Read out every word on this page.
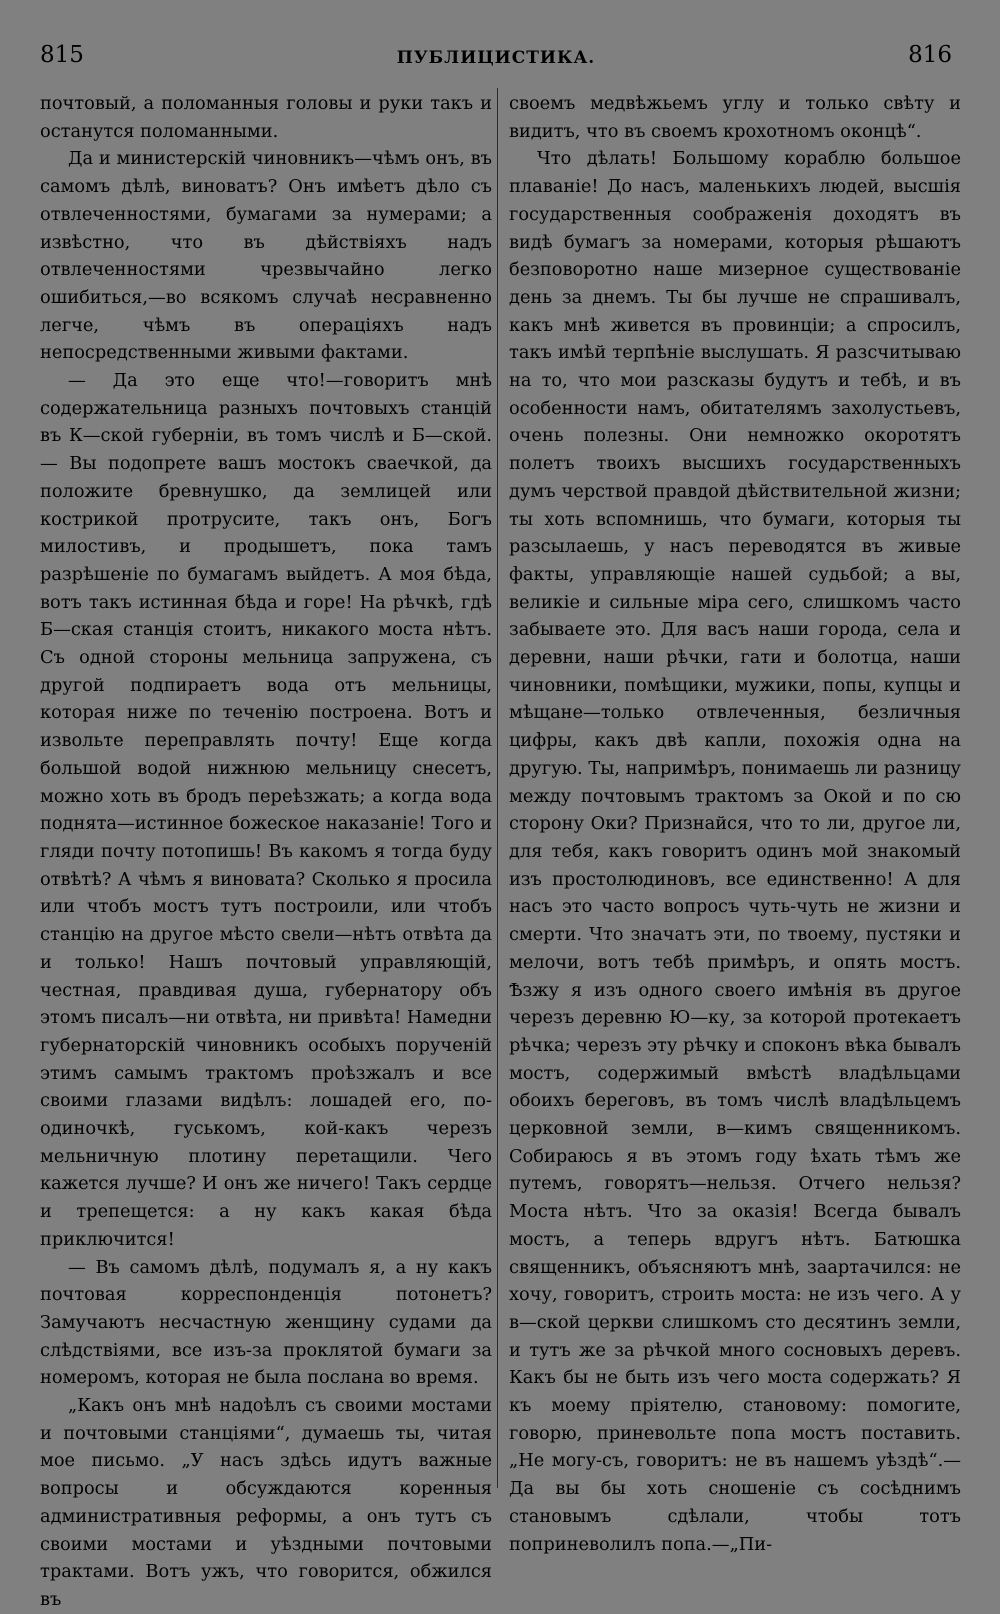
815	ПУБЛИЦИСТИКА.	816

почтовый, а поломанныя головы и руки такъ и останутся поломанными.

Да и министерскій чиновникъ—чѣмъ онъ, въ самомъ дѣлѣ, виноватъ? Онъ имѣетъ дѣло съ отвлеченностями, бумагами за нумерами; а извѣстно, что въ дѣйствіяхъ надъ отвлеченностями чрезвычайно легко ошибиться,—во всякомъ случаѣ несравненно легче, чѣмъ въ операціяхъ надъ непосредственными живыми фактами.

— Да это еще что!—говоритъ мнѣ содержательница разныхъ почтовыхъ станцій въ К—ской губерніи, въ томъ числѣ и Б—ской.— Вы подопрете вашъ мостокъ сваечкой, да положите бревнушко, да землицей или кострикой протрусите, такъ онъ, Богъ милостивъ, и продышетъ, пока тамъ разрѣшеніе по бумагамъ выйдетъ. А моя бѣда, вотъ такъ истинная бѣда и горе! На рѣчкѣ, гдѣ Б—ская станція стоитъ, никакого моста нѣтъ. Съ одной стороны мельница запружена, съ другой подпираетъ вода отъ мельницы, которая ниже по теченію построена. Вотъ и извольте переправлять почту! Еще когда большой водой нижнюю мельницу снесетъ, можно хоть въ бродъ переѣзжать; а когда вода поднята—истинное божеское наказаніе! Того и гляди почту потопишь! Въ какомъ я тогда буду отвѣтѣ? А чѣмъ я виновата? Сколько я просила или чтобъ мостъ тутъ построили, или чтобъ станцію на другое мѣсто свели—нѣтъ отвѣта да и только! Нашъ почтовый управляющій, честная, правдивая душа, губернатору объ этомъ писалъ—ни отвѣта, ни привѣта! Намедни губернаторскій чиновникъ особыхъ порученій этимъ самымъ трактомъ проѣзжалъ и все своими глазами видѣлъ: лошадей его, по-одиночкѣ, гуськомъ, кой-какъ черезъ мельничную плотину перетащили. Чего кажется лучше? И онъ же ничего! Такъ сердце и трепещется: а ну какъ какая бѣда приключится!

— Въ самомъ дѣлѣ, подумалъ я, а ну какъ почтовая корреспонденція потонетъ? Замучаютъ несчастную женщину судами да слѣдствіями, все изъ-за проклятой бумаги за номеромъ, которая не была послана во время.

„Какъ онъ мнѣ надоѣлъ съ своими мостами и почтовыми станціями“, думаешь ты, читая мое письмо. „У насъ здѣсь идутъ важные вопросы и обсуждаются коренныя административныя реформы, а онъ тутъ съ своими мостами и уѣздными почтовыми трактами. Вотъ ужъ, что говорится, обжился въ

своемъ медвѣжьемъ углу и только свѣту и видитъ, что въ своемъ крохотномъ оконцѣ“.

Что дѣлать! Большому кораблю большое плаваніе! До насъ, маленькихъ людей, высшія государственныя соображенія доходятъ въ видѣ бумагъ за номерами, которыя рѣшаютъ безповоротно наше мизерное существованіе день за днемъ. Ты бы лучше не спрашивалъ, какъ мнѣ живется въ провинціи; а спросилъ, такъ имѣй терпѣніе выслушать. Я разсчитываю на то, что мои разсказы будутъ и тебѣ, и въ особенности намъ, обитателямъ захолустьевъ, очень полезны. Они немножко окоротятъ полетъ твоихъ высшихъ государственныхъ думъ черствой правдой дѣйствительной жизни; ты хоть вспомнишь, что бумаги, которыя ты разсылаешь, у насъ переводятся въ живые факты, управляющіе нашей судьбой; а вы, великіе и сильные міра сего, слишкомъ часто забываете это. Для васъ наши города, села и деревни, наши рѣчки, гати и болотца, наши чиновники, помѣщики, мужики, попы, купцы и мѣщане—только отвлеченныя, безличныя цифры, какъ двѣ капли, похожія одна на другую. Ты, напримѣръ, понимаешь ли разницу между почтовымъ трактомъ за Окой и по сю сторону Оки? Признайся, что то ли, другое ли, для тебя, какъ говоритъ одинъ мой знакомый изъ простолюдиновъ, все единственно! А для насъ это часто вопросъ чуть-чуть не жизни и смерти. Что значатъ эти, по твоему, пустяки и мелочи, вотъ тебѣ примѣръ, и опять мостъ. Ѣзжу я изъ одного своего имѣнія въ другое черезъ деревню Ю—ку, за которой протекаетъ рѣчка; черезъ эту рѣчку и споконъ вѣка бывалъ мостъ, содержимый вмѣстѣ владѣльцами обоихъ береговъ, въ томъ числѣ владѣльцемъ церковной земли, в—кимъ священникомъ. Собираюсь я въ этомъ году ѣхать тѣмъ же путемъ, говорятъ—нельзя. Отчего нельзя? Моста нѣтъ. Что за оказія! Всегда бывалъ мостъ, а теперь вдругъ нѣтъ. Батюшка священникъ, объясняютъ мнѣ, заартачился: не хочу, говоритъ, строить моста: не изъ чего. А у в—ской церкви слишкомъ сто десятинъ земли, и тутъ же за рѣчкой много сосновыхъ деревъ. Какъ бы не быть изъ чего моста содержать? Я къ моему пріятелю, становому: помогите, говорю, приневольте попа мостъ поставить. „Не могу-съ, говоритъ: не въ нашемъ уѣздѣ“.—Да вы бы хоть сношеніе съ сосѣднимъ становымъ сдѣлали, чтобы тотъ поприневолилъ попа.—„Пи-
